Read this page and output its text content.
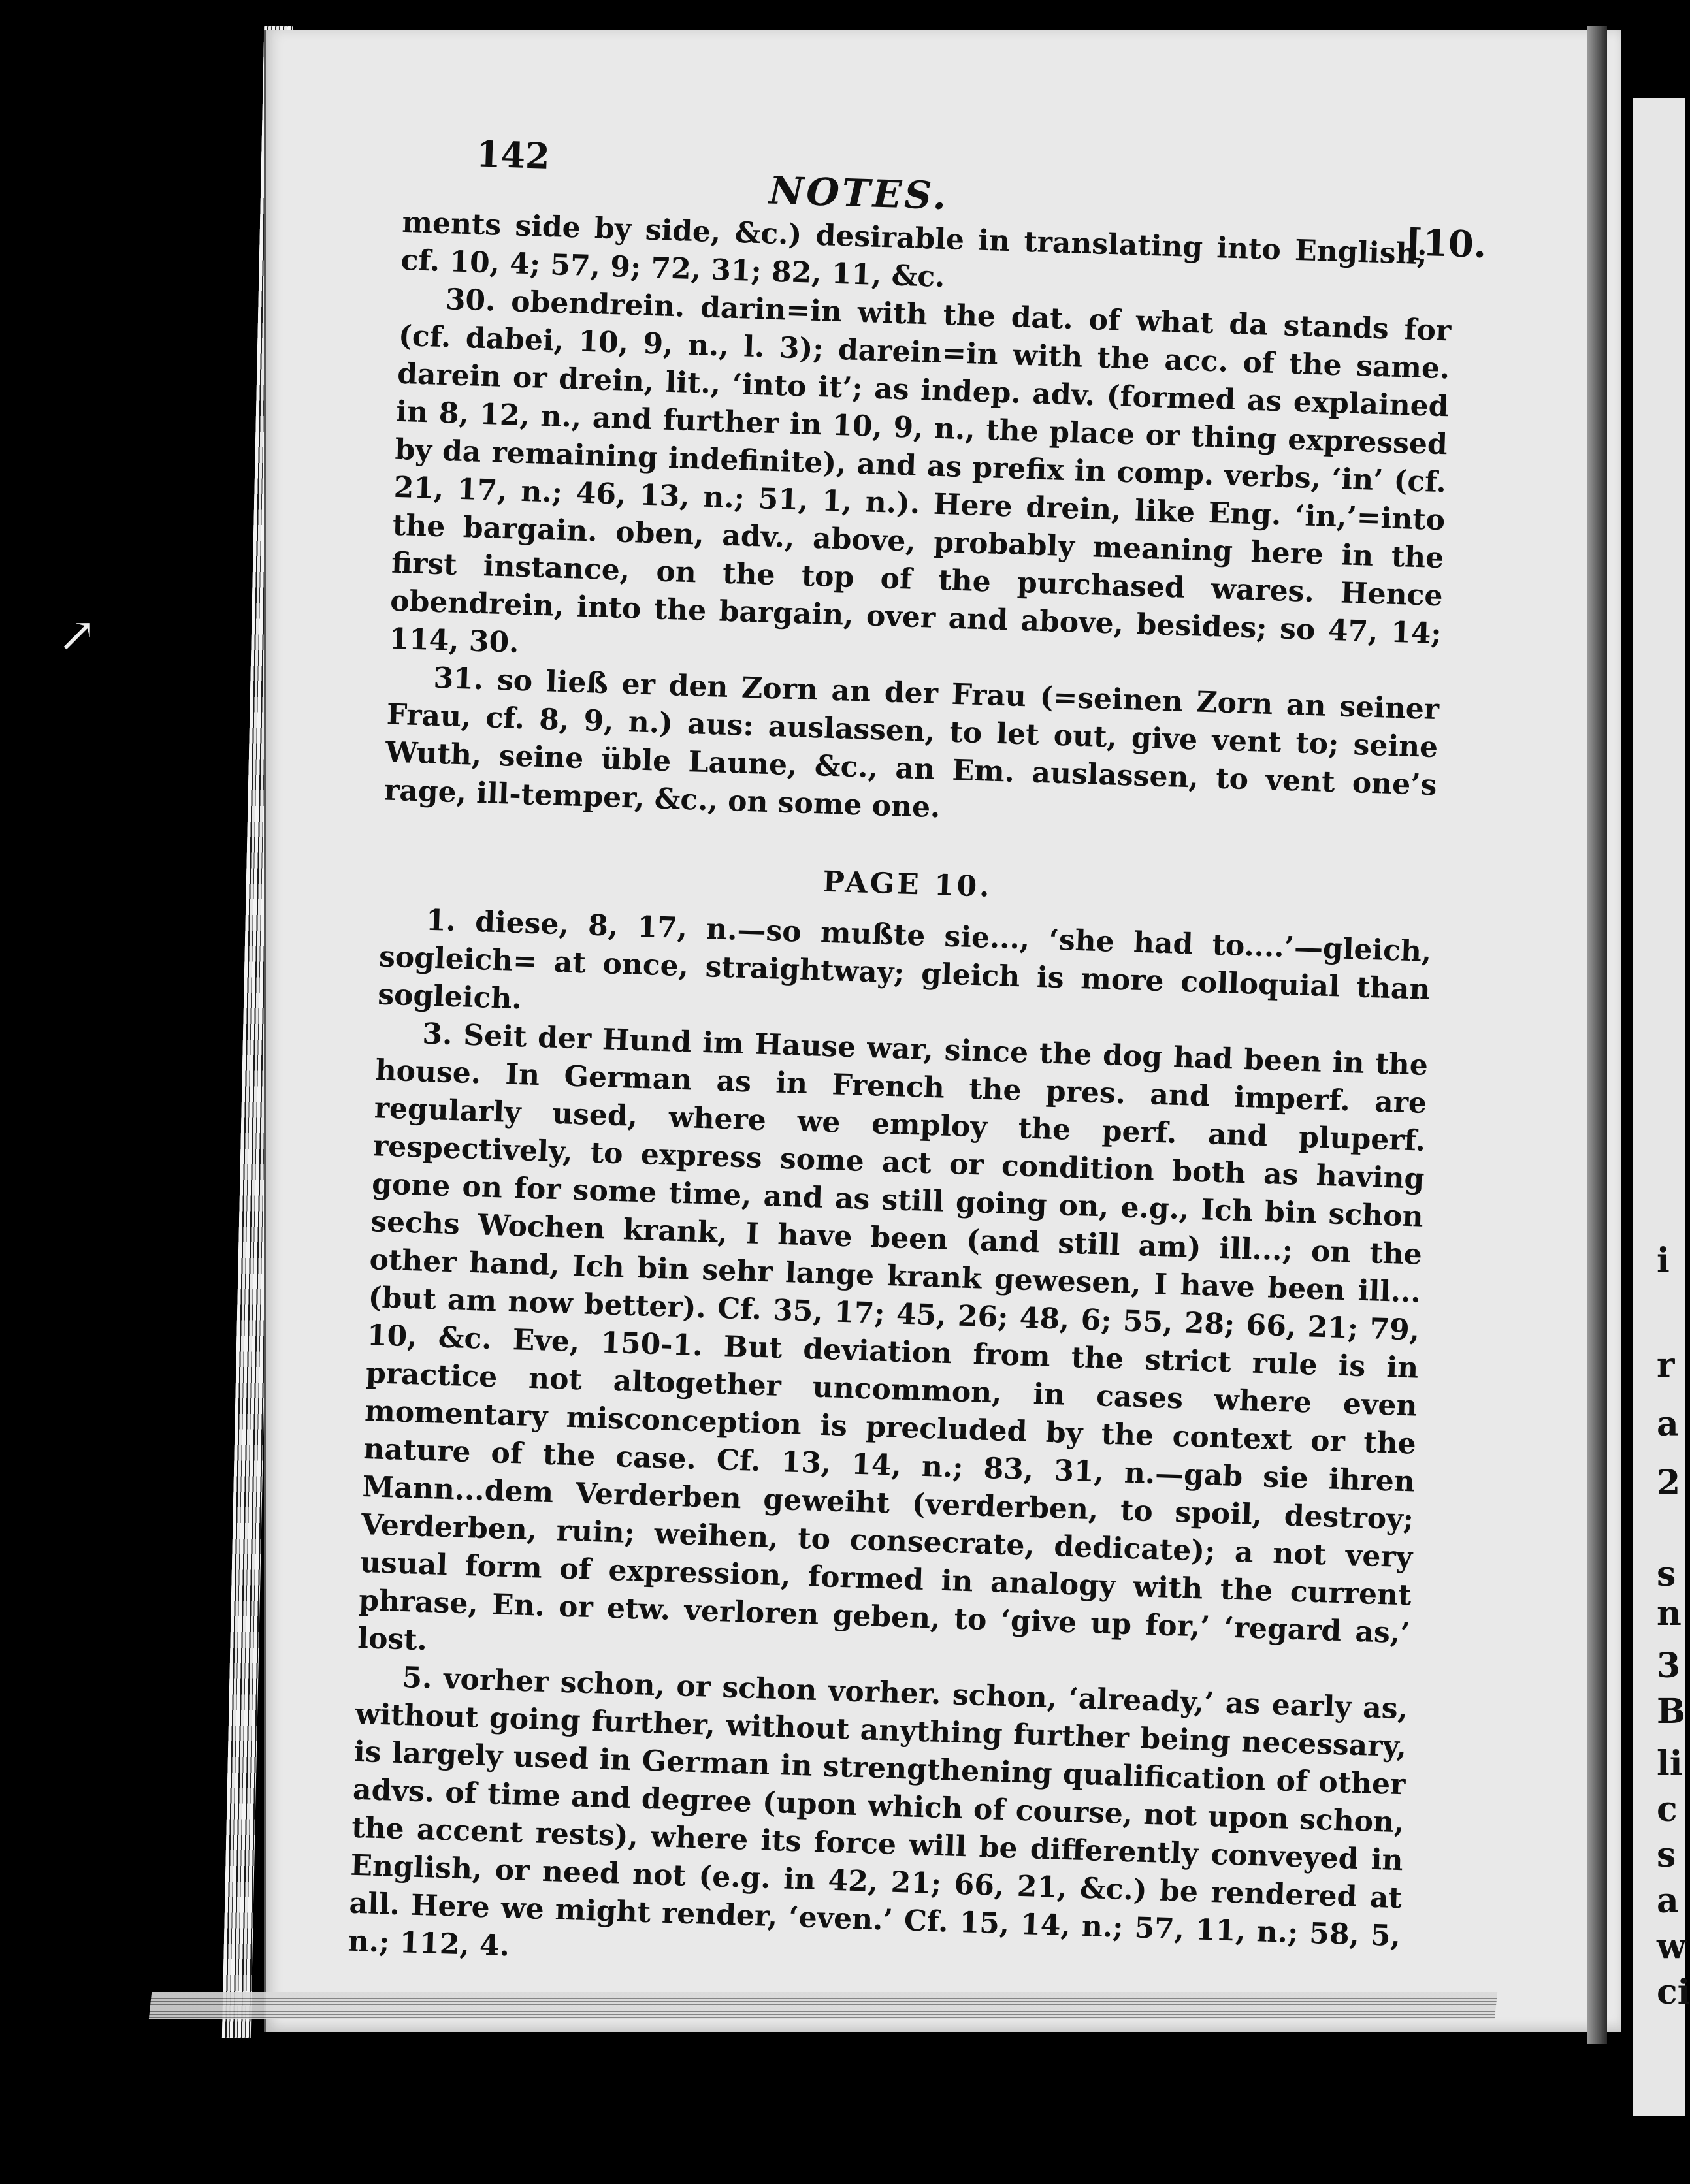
↗
i
r
a
2
s
n
3
B
li
c
s
a
w
ci
142
NOTES.
[10.

ments side by side, &c.) desirable in translating into English; cf. 10, 4; 57, 9; 72, 31; 82, 11, &c.

30. obendrein. darin=in with the dat. of what da stands for (cf. dabei, 10, 9, n., l. 3); darein=in with the acc. of the same. darein or drein, lit., ‘into it’; as indep. adv. (formed as explained in 8, 12, n., and further in 10, 9, n., the place or thing expressed by da remaining indefinite), and as prefix in comp. verbs, ‘in’ (cf. 21, 17, n.; 46, 13, n.; 51, 1, n.). Here drein, like Eng. ‘in,’=into the bargain. oben, adv., above, probably meaning here in the first instance, on the top of the purchased wares. Hence obendrein, into the bargain, over and above, besides; so 47, 14; 114, 30.

31. so ließ er den Zorn an der Frau (=seinen Zorn an seiner Frau, cf. 8, 9, n.) aus: auslassen, to let out, give vent to; seine Wuth, seine üble Laune, &c., an Em. auslassen, to vent one’s rage, ill-temper, &c., on some one.

PAGE 10.

1. diese, 8, 17, n.—so mußte sie..., ‘she had to....’—gleich, sogleich= at once, straightway; gleich is more colloquial than sogleich.

3. Seit der Hund im Hause war, since the dog had been in the house. In German as in French the pres. and imperf. are regularly used, where we employ the perf. and pluperf. respectively, to express some act or condition both as having gone on for some time, and as still going on, e.g., Ich bin schon sechs Wochen krank, I have been (and still am) ill...; on the other hand, Ich bin sehr lange krank gewesen, I have been ill...(but am now better). Cf. 35, 17; 45, 26; 48, 6; 55, 28; 66, 21; 79, 10, &c. Eve, 150-1. But deviation from the strict rule is in practice not altogether uncommon, in cases where even momentary misconception is precluded by the context or the nature of the case. Cf. 13, 14, n.; 83, 31, n.—gab sie ihren Mann...dem Verderben geweiht (verderben, to spoil, destroy; Verderben, ruin; weihen, to consecrate, dedicate); a not very usual form of expression, formed in analogy with the current phrase, En. or etw. verloren geben, to ‘give up for,’ ‘regard as,’ lost.

5. vorher schon, or schon vorher. schon, ‘already,’ as early as, without going further, without anything further being necessary, is largely used in German in strengthening qualification of other advs. of time and degree (upon which of course, not upon schon, the accent rests), where its force will be differently conveyed in English, or need not (e.g. in 42, 21; 66, 21, &c.) be rendered at all. Here we might render, ‘even.’ Cf. 15, 14, n.; 57, 11, n.; 58, 5, n.; 112, 4.
